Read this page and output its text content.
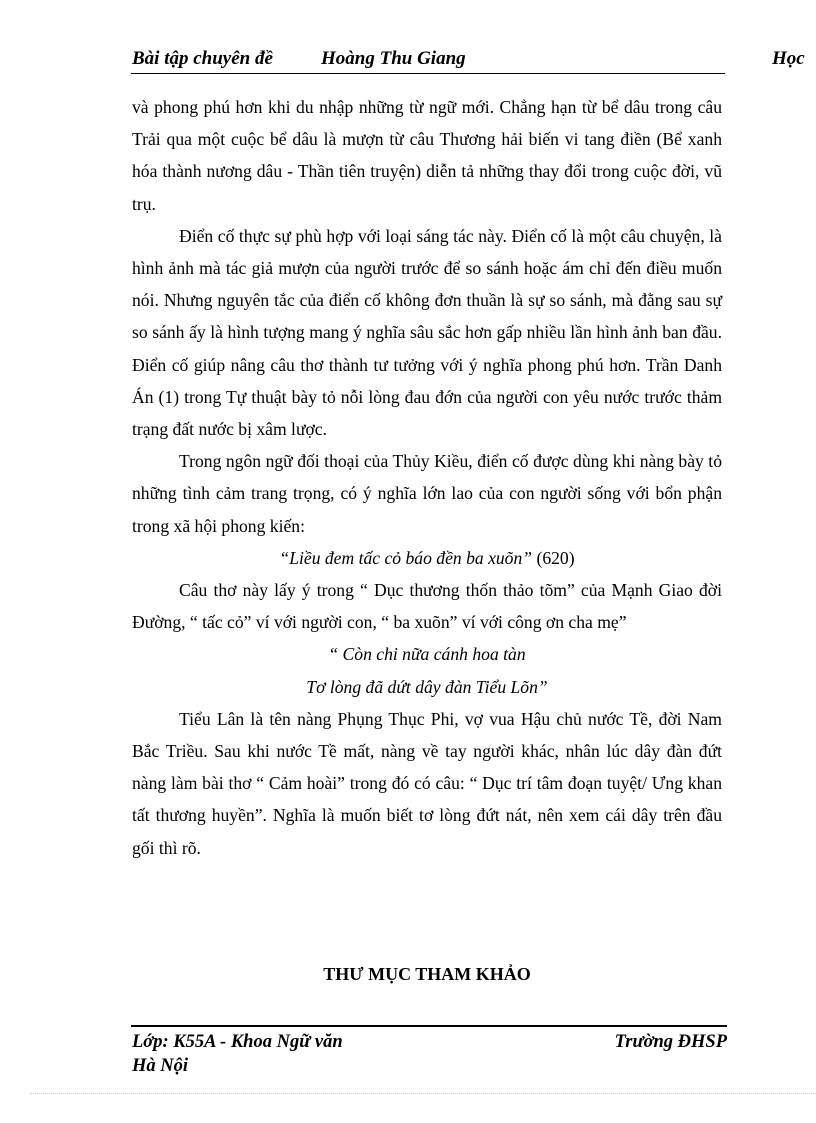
Bài tập chuyên đề	Hoàng Thu Giang	Học

và phong phú hơn khi du nhập những từ ngữ mới. Chẳng hạn từ bể dâu trong câu Trải qua một cuộc bể dâu là mượn từ câu Thương hải biến vi tang điền (Bể xanh hóa thành nương dâu - Thần tiên truyện) diễn tả những thay đổi trong cuộc đời, vũ trụ.

Điển cố thực sự phù hợp với loại sáng tác này. Điển cố là một câu chuyện, là hình ảnh mà tác giả mượn của người trước để so sánh hoặc ám chỉ đến điều muốn nói. Nhưng nguyên tắc của điển cố không đơn thuần là sự so sánh, mà đằng sau sự so sánh ấy là hình tượng mang ý nghĩa sâu sắc hơn gấp nhiều lần hình ảnh ban đầu. Điển cố giúp nâng câu thơ thành tư tưởng với ý nghĩa phong phú hơn. Trần Danh Án (1) trong Tự thuật bày tỏ nỗi lòng đau đớn của người con yêu nước trước thảm trạng đất nước bị xâm lược.

Trong ngôn ngữ đối thoại của Thủy Kiều, điển cố được dùng khi nàng bày tỏ những tình cảm trang trọng, có ý nghĩa lớn lao của con người sống với bổn phận trong xã hội phong kiến:

“Liều đem tấc cỏ báo đền ba xuõn” (620)

Câu thơ này lấy ý trong “ Dục thương thốn thảo tõm” của Mạnh Giao đời Đường, “ tấc cỏ” ví với người con, “ ba xuõn” ví với công ơn cha mẹ”

“ Còn chi nữa cánh hoa tàn
Tơ lòng đã dứt dây đàn Tiểu Lõn”

Tiểu Lân là tên nàng Phụng Thục Phi, vợ vua Hậu chủ nước Tề, đời Nam Bắc Triều. Sau khi nước Tề mất, nàng về tay người khác, nhân lúc dây đàn đứt nàng làm bài thơ “ Cảm hoài” trong đó có câu: “ Dục trí tâm đoạn tuyệt/ Ưng khan tất thương huyền”. Nghĩa là muốn biết tơ lòng đứt nát, nên xem cái dây trên đầu gối thì rõ.

THƯ MỤC THAM KHẢO
Lớp: K55A - Khoa Ngữ văn
Hà Nội
Trường ĐHSP
